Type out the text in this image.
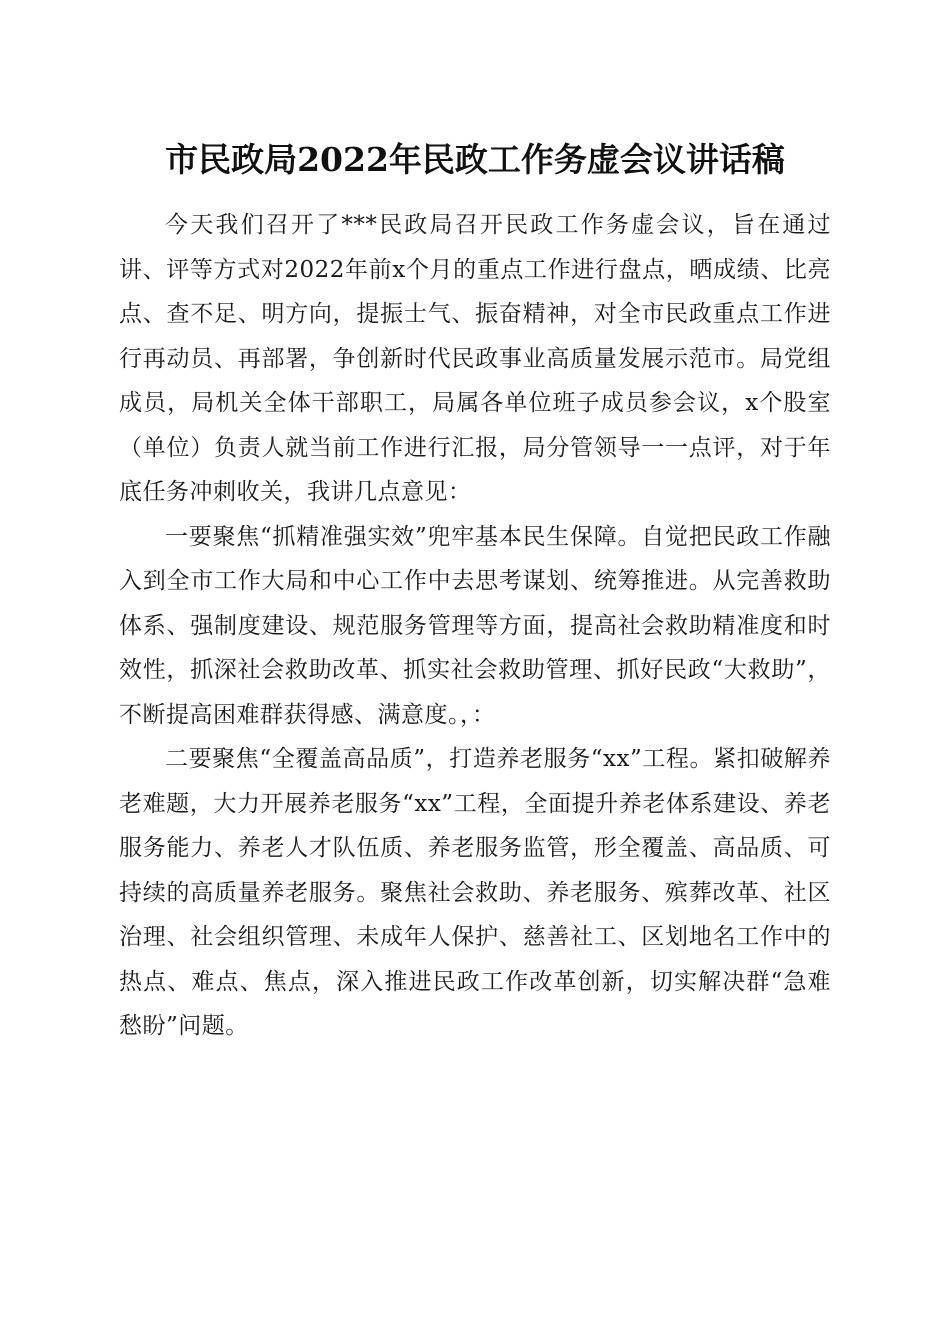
市民政局2022年民政工作务虚会议讲话稿

今天我们召开了***民政局召开民政工作务虚会议，旨在通过讲、评等方式对2022年前x个月的重点工作进行盘点，晒成绩、比亮点、查不足、明方向，提振士气、振奋精神，对全市民政重点工作进行再动员、再部署，争创新时代民政事业高质量发展示范市。局党组成员，局机关全体干部职工，局属各单位班子成员参会议，x个股室（单位）负责人就当前工作进行汇报，局分管领导一一点评，对于年底任务冲刺收关，我讲几点意见：

一要聚焦“抓精准强实效”兜牢基本民生保障。自觉把民政工作融入到全市工作大局和中心工作中去思考谋划、统筹推进。从完善救助体系、强制度建设、规范服务管理等方面，提高社会救助精准度和时效性，抓深社会救助改革、抓实社会救助管理、抓好民政“大救助”，不断提高困难群获得感、满意度。，：

二要聚焦“全覆盖高品质”，打造养老服务“xx”工程。紧扣破解养老难题，大力开展养老服务“xx”工程，全面提升养老体系建设、养老服务能力、养老人才队伍质、养老服务监管，形全覆盖、高品质、可持续的高质量养老服务。聚焦社会救助、养老服务、殡葬改革、社区治理、社会组织管理、未成年人保护、慈善社工、区划地名工作中的热点、难点、焦点，深入推进民政工作改革创新，切实解决群“急难愁盼”问题。
